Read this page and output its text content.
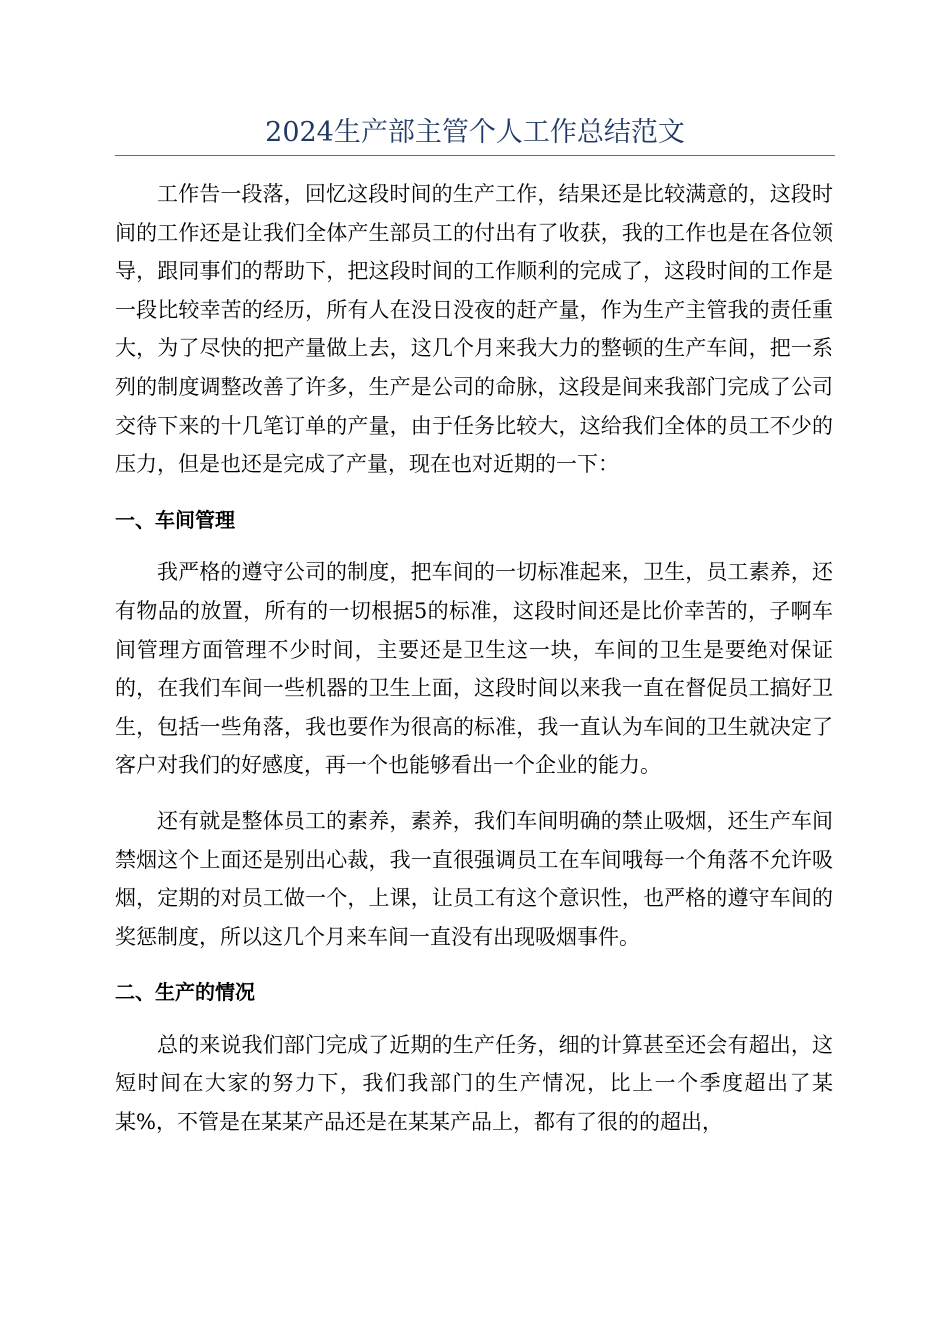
2024生产部主管个人工作总结范文

工作告一段落，回忆这段时间的生产工作，结果还是比较满意的，这段时间的工作还是让我们全体产生部员工的付出有了收获，我的工作也是在各位领导，跟同事们的帮助下，把这段时间的工作顺利的完成了，这段时间的工作是一段比较幸苦的经历，所有人在没日没夜的赶产量，作为生产主管我的责任重大，为了尽快的把产量做上去，这几个月来我大力的整顿的生产车间，把一系列的制度调整改善了许多，生产是公司的命脉，这段是间来我部门完成了公司交待下来的十几笔订单的产量，由于任务比较大，这给我们全体的员工不少的压力，但是也还是完成了产量，现在也对近期的一下：

一、车间管理

我严格的遵守公司的制度，把车间的一切标准起来，卫生，员工素养，还有物品的放置，所有的一切根据5的标准，这段时间还是比价幸苦的，子啊车间管理方面管理不少时间，主要还是卫生这一块，车间的卫生是要绝对保证的，在我们车间一些机器的卫生上面，这段时间以来我一直在督促员工搞好卫生，包括一些角落，我也要作为很高的标准，我一直认为车间的卫生就决定了客户对我们的好感度，再一个也能够看出一个企业的能力。

还有就是整体员工的素养，素养，我们车间明确的禁止吸烟，还生产车间禁烟这个上面还是别出心裁，我一直很强调员工在车间哦每一个角落不允许吸烟，定期的对员工做一个，上课，让员工有这个意识性，也严格的遵守车间的奖惩制度，所以这几个月来车间一直没有出现吸烟事件。

二、生产的情况

总的来说我们部门完成了近期的生产任务，细的计算甚至还会有超出，这短时间在大家的努力下，我们我部门的生产情况，比上一个季度超出了某某%，不管是在某某产品还是在某某产品上，都有了很的的超出，
